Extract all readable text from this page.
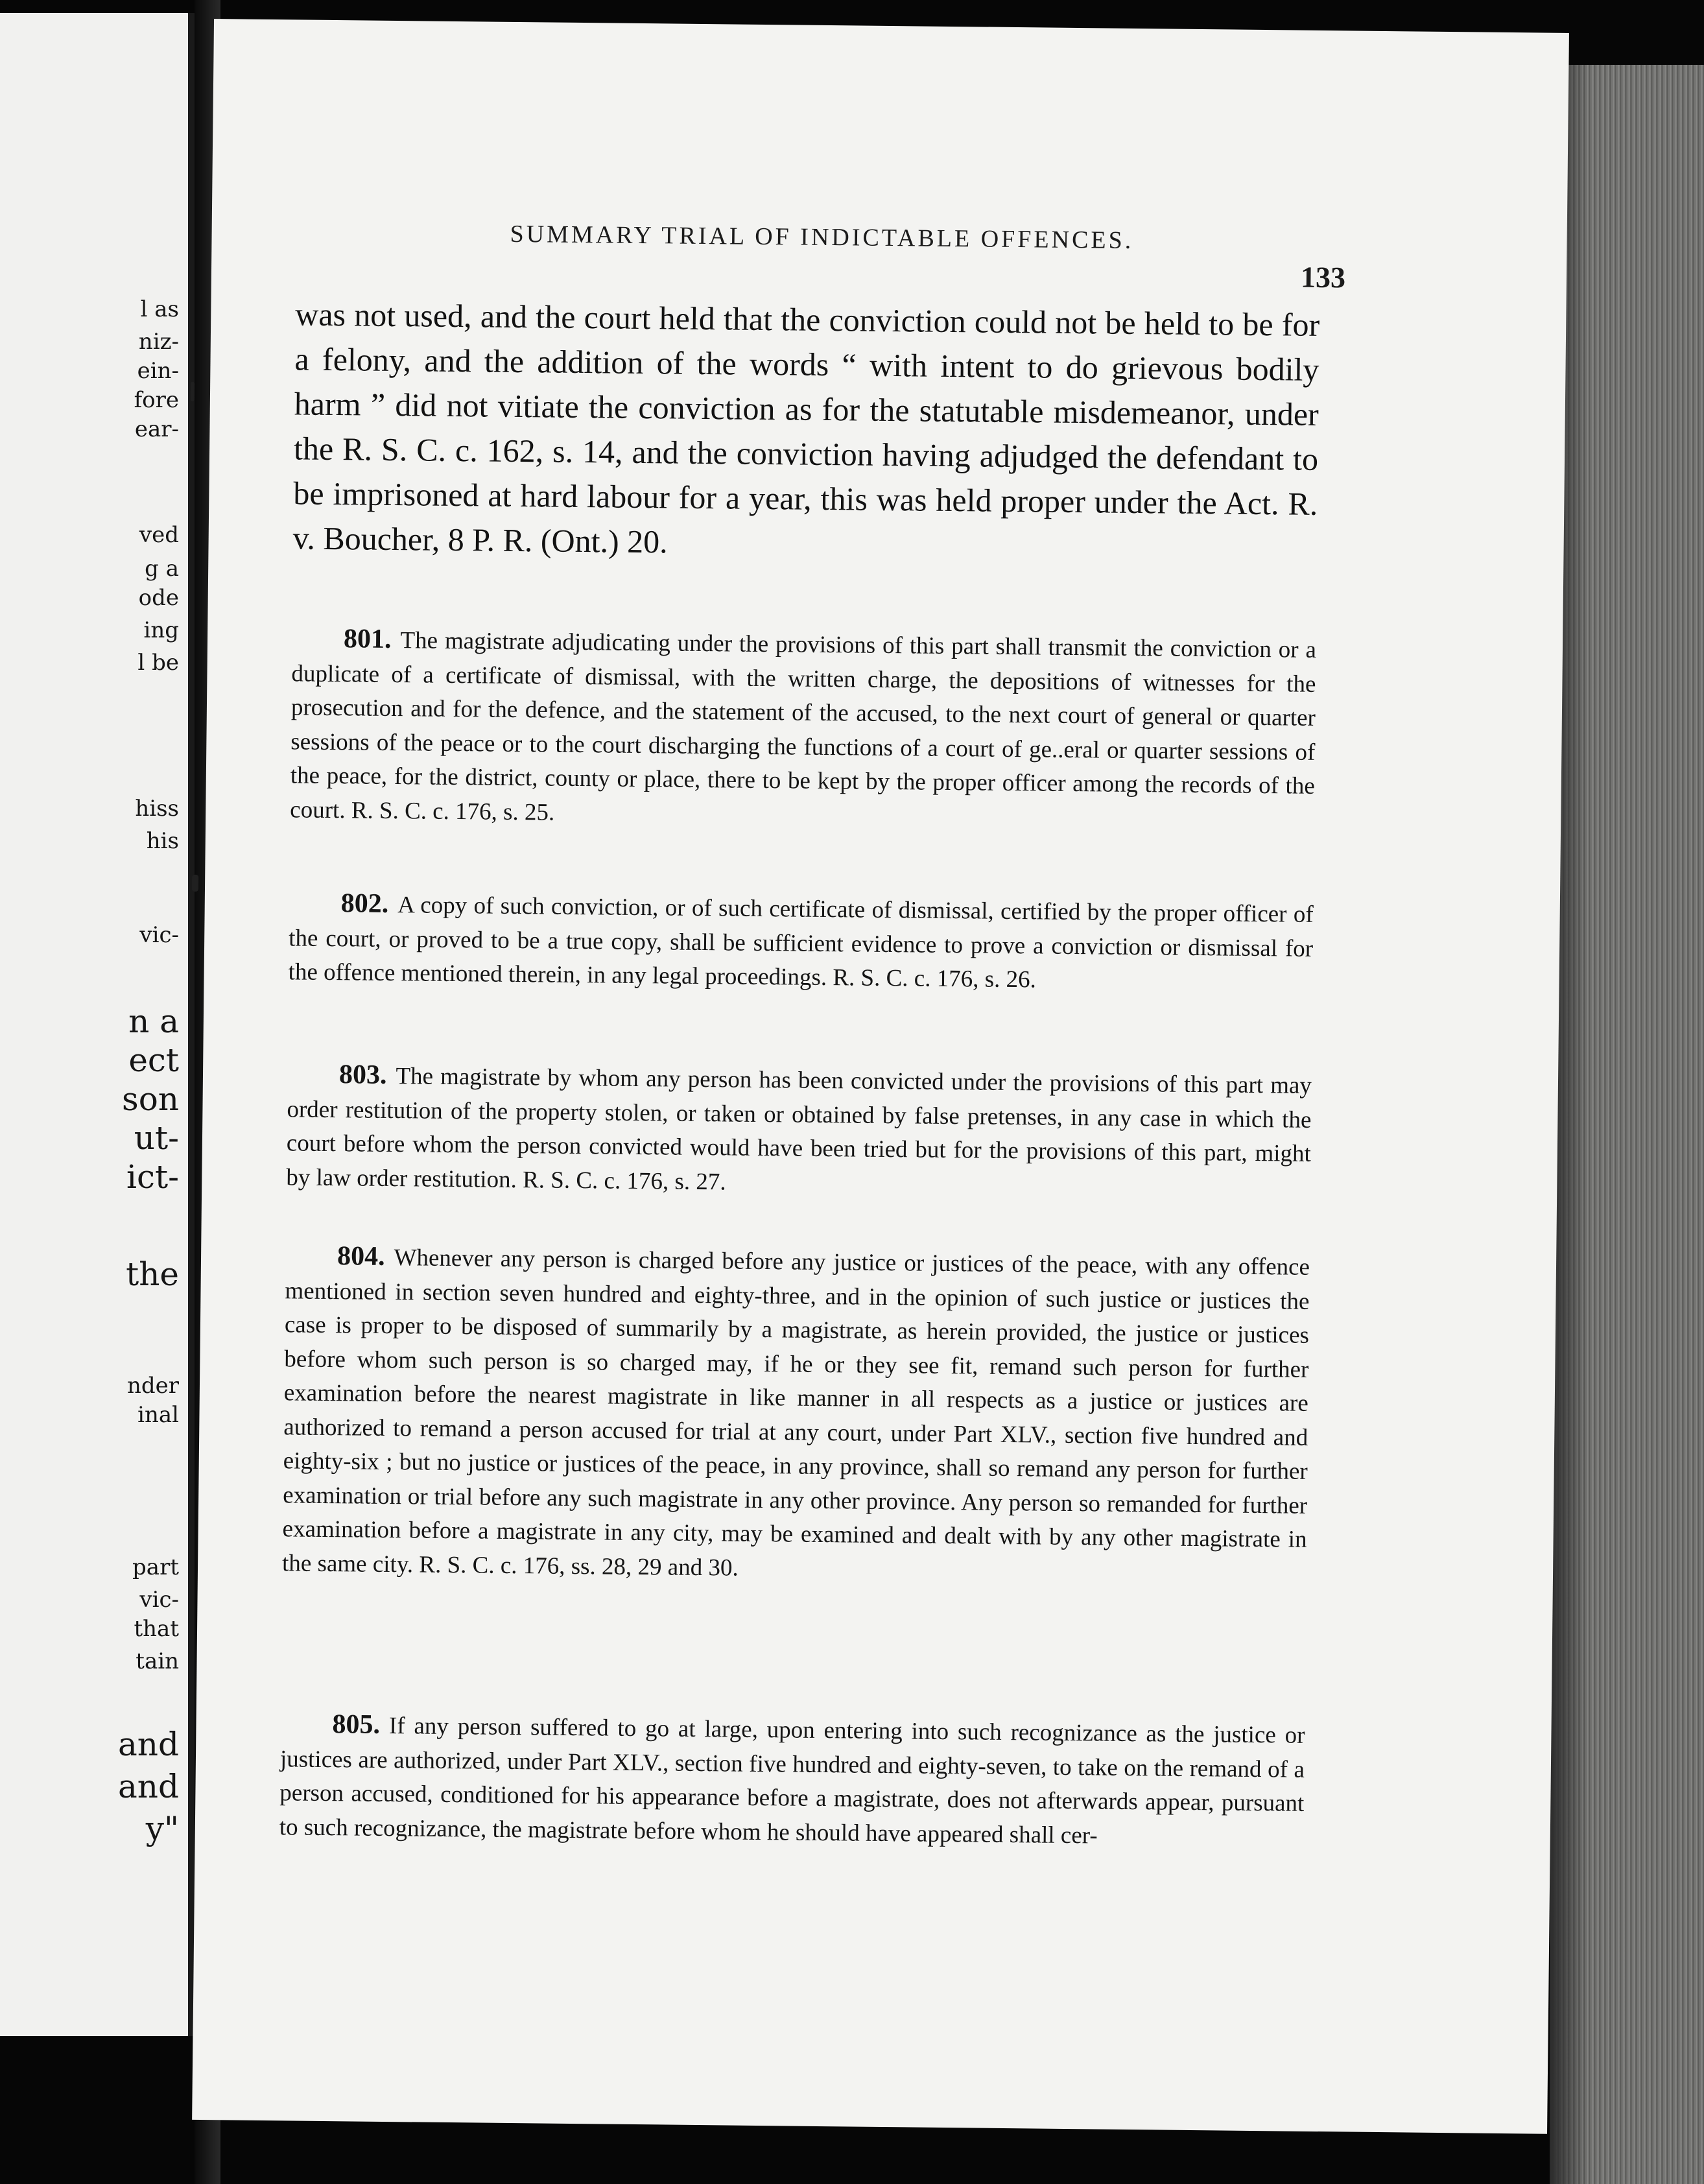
l as
niz-
ein-
fore
ear-
ved
g a
ode
ing
l be
hiss
his
vic-
n a
ect
son
ut-
ict-
the
nder
inal
part
vic-
that
tain
and
and
y"
SUMMARY TRIAL OF INDICTABLE OFFENCES.
133

was not used, and the court held that the conviction could not be held to be for a felony, and the addition of the words “ with intent to do grievous bodily harm ” did not vitiate the conviction as for the statutable misdemeanor, under the R. S. C. c. 162, s. 14, and the conviction having adjudged the defendant to be imprisoned at hard labour for a year, this was held proper under the Act. R. v. Boucher, 8 P. R. (Ont.) 20.

801. The magistrate adjudicating under the provisions of this part shall transmit the conviction or a duplicate of a certificate of dismissal, with the written charge, the depositions of witnesses for the prosecution and for the defence, and the statement of the accused, to the next court of general or quarter sessions of the peace or to the court discharging the functions of a court of ge..eral or quarter sessions of the peace, for the district, county or place, there to be kept by the proper officer among the records of the court. R. S. C. c. 176, s. 25.

802. A copy of such conviction, or of such certificate of dismissal, certified by the proper officer of the court, or proved to be a true copy, shall be sufficient evidence to prove a conviction or dismissal for the offence mentioned therein, in any legal proceedings. R. S. C. c. 176, s. 26.

803. The magistrate by whom any person has been convicted under the provisions of this part may order restitution of the property stolen, or taken or obtained by false pretenses, in any case in which the court before whom the person convicted would have been tried but for the provisions of this part, might by law order restitution. R. S. C. c. 176, s. 27.

804. Whenever any person is charged before any justice or justices of the peace, with any offence mentioned in section seven hundred and eighty-three, and in the opinion of such justice or justices the case is proper to be disposed of summarily by a magistrate, as herein provided, the justice or justices before whom such person is so charged may, if he or they see fit, remand such person for further examination before the nearest magistrate in like manner in all respects as a justice or justices are authorized to remand a person accused for trial at any court, under Part XLV., section five hundred and eighty-six ; but no justice or justices of the peace, in any province, shall so remand any person for further examination or trial before any such magistrate in any other province. Any person so remanded for further examination before a magistrate in any city, may be examined and dealt with by any other magistrate in the same city. R. S. C. c. 176, ss. 28, 29 and 30.

805. If any person suffered to go at large, upon entering into such recognizance as the justice or justices are authorized, under Part XLV., section five hundred and eighty-seven, to take on the remand of a person accused, conditioned for his appearance before a magistrate, does not afterwards appear, pursuant to such recognizance, the magistrate before whom he should have appeared shall cer-
